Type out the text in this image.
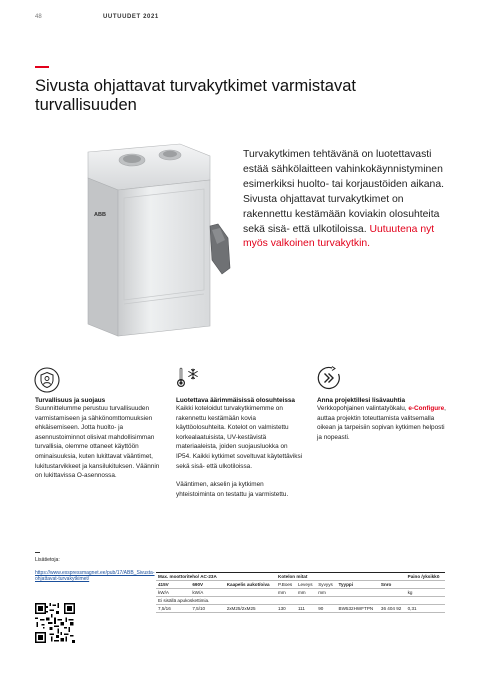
48	UUTUUDET 2021
Sivusta ohjattavat turvakytkimet varmistavat turvallisuuden
ABB

Turvakytkimen tehtävänä on luotettavasti estää sähkölaitteen vahinkokäynnistyminen esimerkiksi huolto- tai korjaustöiden aikana. Sivusta ohjattavat turvakytkimet on rakennettu kestämään koviakin olosuhteita sekä sisä- että ulkotiloissa. Uutuutena nyt myös valkoinen turvakytkin.

Turvallisuus ja suojaus

Suunnittelumme perustuu turvallisuuden varmistamiseen ja sähkönomttomuuksien ehkäisemiseen. Jotta huolto- ja asennustoiminnot olisivat mahdollisimman turvallisia, olemme ottaneet käyttöön ominaisuuksia, kuten lukittavat vääntimet, lukitustarvikkeet ja kansilukituksen. Väännin on lukittavissa O-asennossa.

Luotettava äärimmäisissä olosuhteissa

Kaikki koteloidut turvakytkimemme on rakennettu kestämään kovia käyttöolosuhteita. Kotelot on valmistettu korkealaatuisista, UV-kestävistä materiaaleista, joiden suojausluokka on IP54. Kaikki kytkimet soveltuvat käytettäviksi sekä sisä- että ulkotiloissa.

Vääntimen, akselin ja kytkimen yhteistoiminta on testattu ja varmistettu.

Anna projektillesi lisävauhtia

Verkkopohjainen valintatyökalu, e-Configure, auttaa projektin toteuttamista valitsemalla oikean ja tarpeisiin sopivan kytkimen helposti ja nopeasti.

Lisätietoja:
https://www.exspressmagnet.ee/pub/17/ABB_Sivusta-ohjattavat-turvakytkimet/	Max. moottoriteho/ AC-23A			Kotelon mitat					Paino /yksikkö
415V	690V	Kaapelis aukot/oiva	P.Boes	Leveys	Syvyys	Tyyppi	Snro	
kW/A	kW/A		mm	mm	mm			kg
Ei sisällä apukoskettimia.								
7,5/16	7,5/10	2xM25/2xM25	130	111	90	BW532HWFTPN	36 404 92	0,31
